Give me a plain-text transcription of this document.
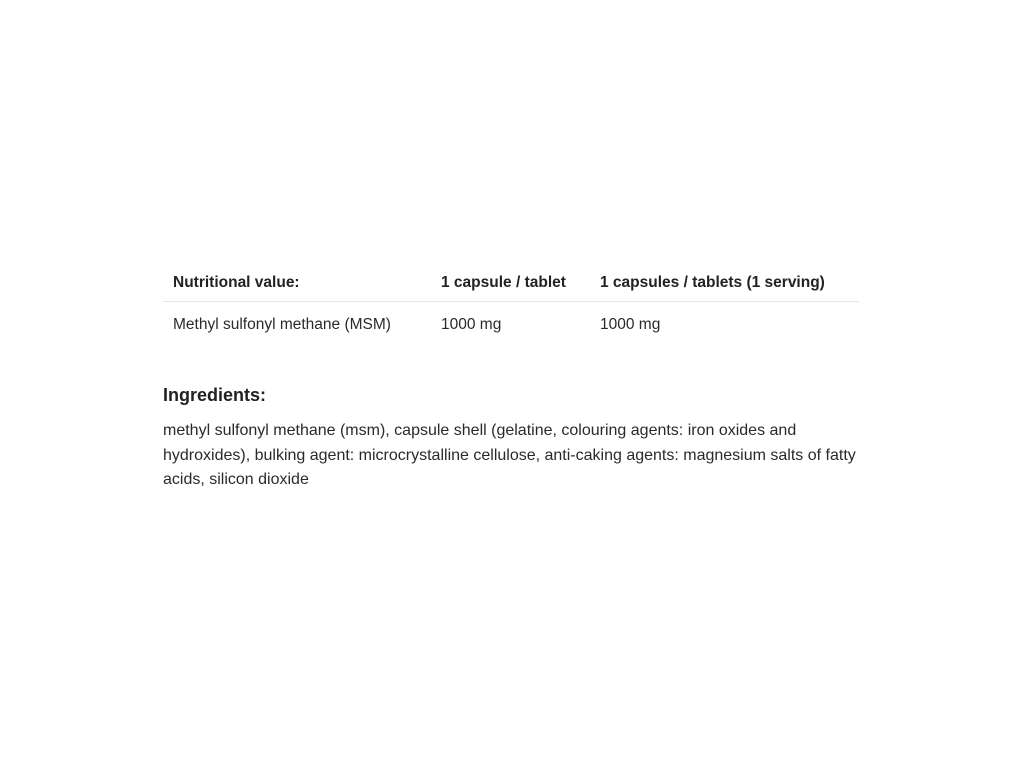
Nutritional value:	1 capsule / tablet	1 capsules / tablets (1 serving)
Methyl sulfonyl methane (MSM)	1000 mg	1000 mg
Ingredients:

methyl sulfonyl methane (msm), capsule shell (gelatine, colouring agents: iron oxides and hydroxides), bulking agent: microcrystalline cellulose, anti-caking agents: magnesium salts of fatty acids, silicon dioxide
